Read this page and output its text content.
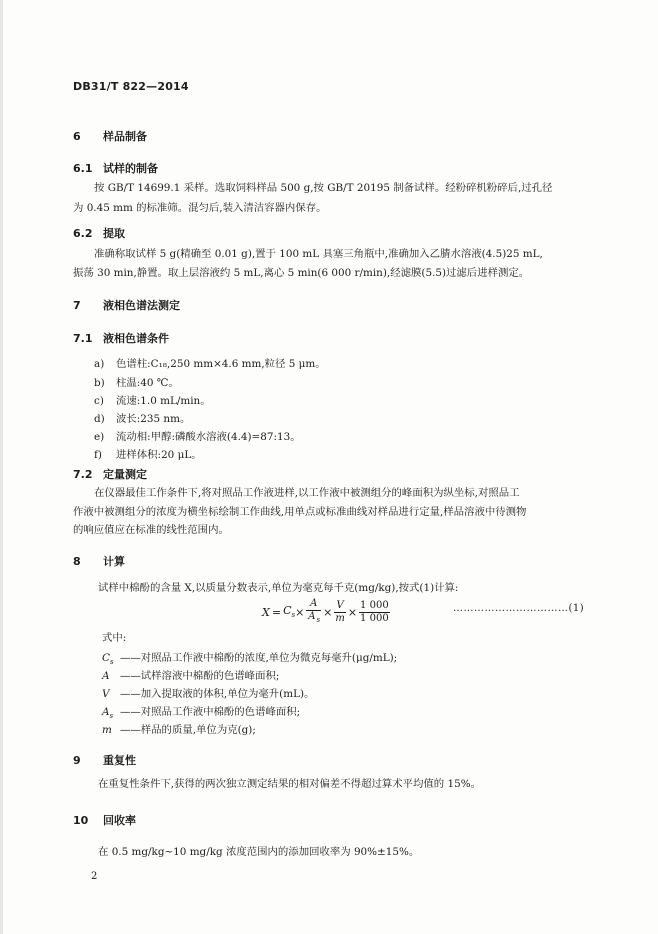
DB31/T 822—2014
6 样品制备
6.1 试样的制备
按 GB/T 14699.1 采样。选取饲料样品 500 g,按 GB/T 20195 制备试样。经粉碎机粉碎后,过孔径
为 0.45 mm 的标准筛。混匀后,装入清洁容器内保存。
6.2 提取
准确称取试样 5 g(精确至 0.01 g),置于 100 mL 具塞三角瓶中,准确加入乙腈水溶液(4.5)25 mL,
振荡 30 min,静置。取上层溶液约 5 mL,离心 5 min(6 000 r/min),经滤膜(5.5)过滤后进样测定。
7 液相色谱法测定
7.1 液相色谱条件
a) 色谱柱:C₁₈,250 mm×4.6 mm,粒径 5 μm。
b) 柱温:40 ℃。
c) 流速:1.0 mL/min。
d) 波长:235 nm。
e) 流动相:甲醇:磷酸水溶液(4.4)=87:13。
f) 进样体积:20 μL。
7.2 定量测定
在仪器最佳工作条件下,将对照品工作液进样,以工作液中被测组分的峰面积为纵坐标,对照品工
作液中被测组分的浓度为横坐标绘制工作曲线,用单点或标准曲线对样品进行定量,样品溶液中待测物
的响应值应在标准的线性范围内。
8 计算
试样中棉酚的含量 X,以质量分数表示,单位为毫克每千克(mg/kg),按式(1)计算:
$X = C_s \times \frac{A}{A_s} \times \frac{V}{m} \times \frac{1 000}{1 000}$	……………………………(1)
式中:
$C_s$ ——对照品工作液中棉酚的浓度,单位为微克每毫升(μg/mL);
A ——试样溶液中棉酚的色谱峰面积;
V ——加入提取液的体积,单位为毫升(mL)。
$A_s$ ——对照品工作液中棉酚的色谱峰面积;
m ——样品的质量,单位为克(g);
9 重复性
在重复性条件下,获得的两次独立测定结果的相对偏差不得超过算术平均值的 15%。
10 回收率
在 0.5 mg/kg~10 mg/kg 浓度范围内的添加回收率为 90%±15%。
2
